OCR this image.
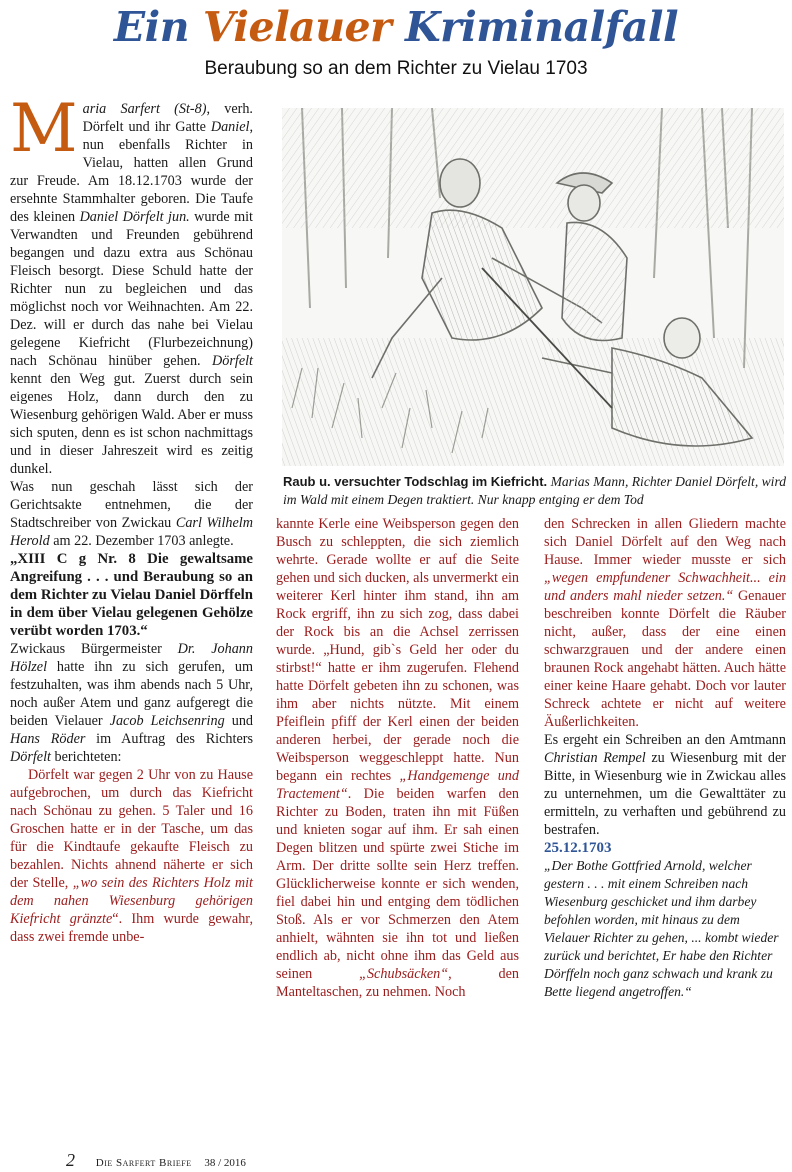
Ein Vielauer Kriminalfall
Beraubung so an dem Richter zu Vielau 1703

Maria Sarfert (St-8), verh. Dörfelt und ihr Gatte Daniel, nun ebenfalls Richter in Vielau, hatten allen Grund zur Freude. Am 18.12.1703 wurde der ersehnte Stammhalter geboren. Die Taufe des kleinen Daniel Dörfelt jun. wurde mit Verwandten und Freunden gebührend begangen und dazu extra aus Schönau Fleisch besorgt. Diese Schuld hatte der Richter nun zu begleichen und das möglichst noch vor Weihnachten. Am 22. Dez. will er durch das nahe bei Vielau gelegene Kiefricht (Flurbezeichnung) nach Schönau hinüber gehen. Dörfelt kennt den Weg gut. Zuerst durch sein eigenes Holz, dann durch den zu Wiesenburg gehörigen Wald. Aber er muss sich sputen, denn es ist schon nachmittags und in dieser Jahreszeit wird es zeitig dunkel.

Was nun geschah lässt sich der Gerichtsakte entnehmen, die der Stadtschreiber von Zwickau Carl Wilhelm Herold am 22. Dezember 1703 anlegte.

„XIII C g Nr. 8 Die gewaltsame Angreifung . . . und Beraubung so an dem Richter zu Vielau Daniel Dörffeln in dem über Vielau gelegenen Gehölze verübt worden 1703.“

Zwickaus Bürgermeister Dr. Johann Hölzel hatte ihn zu sich gerufen, um festzuhalten, was ihm abends nach 5 Uhr, noch außer Atem und ganz aufgeregt die beiden Vielauer Jacob Leichsenring und Hans Röder im Auftrag des Richters Dörfelt berichteten:

Dörfelt war gegen 2 Uhr von zu Hause aufgebrochen, um durch das Kiefricht nach Schönau zu gehen. 5 Taler und 16 Groschen hatte er in der Tasche, um das für die Kindtaufe gekaufte Fleisch zu bezahlen. Nichts ahnend näherte er sich der Stelle, „wo sein des Richters Holz mit dem nahen Wiesenburg gehörigen Kiefricht gränzte“. Ihm wurde gewahr, dass zwei fremde unbe-

Raub u. versuchter Todschlag im Kiefricht. Marias Mann, Richter Daniel Dörfelt, wird im Wald mit einem Degen traktiert. Nur knapp entging er dem Tod

kannte Kerle eine Weibsperson gegen den Busch zu schleppten, die sich ziemlich wehrte. Gerade wollte er auf die Seite gehen und sich ducken, als unvermerkt ein weiterer Kerl hinter ihm stand, ihn am Rock ergriff, ihn zu sich zog, dass dabei der Rock bis an die Achsel zerrissen wurde. „Hund, gib`s Geld her oder du stirbst!“ hatte er ihm zugerufen. Flehend hatte Dörfelt gebeten ihn zu schonen, was ihm aber nichts nützte. Mit einem Pfeiflein pfiff der Kerl einen der beiden anderen herbei, der gerade noch die Weibsperson weggeschleppt hatte. Nun begann ein rechtes „Handgemenge und Tractement“. Die beiden warfen den Richter zu Boden, traten ihn mit Füßen und knieten sogar auf ihm. Er sah einen Degen blitzen und spürte zwei Stiche im Arm. Der dritte sollte sein Herz treffen. Glücklicherweise konnte er sich wenden, fiel dabei hin und entging dem tödlichen Stoß. Als er vor Schmerzen den Atem anhielt, wähnten sie ihn tot und ließen endlich ab, nicht ohne ihm das Geld aus seinen „Schubsäcken“, den Manteltaschen, zu nehmen. Noch

den Schrecken in allen Gliedern machte sich Daniel Dörfelt auf den Weg nach Hause. Immer wieder musste er sich „wegen empfundener Schwachheit... ein und anders mahl nieder setzen.“ Genauer beschreiben konnte Dörfelt die Räuber nicht, außer, dass der eine einen schwarzgrauen und der andere einen braunen Rock angehabt hätten. Auch hätte einer keine Haare gehabt. Doch vor lauter Schreck achtete er nicht auf weitere Äußerlichkeiten.

Es ergeht ein Schreiben an den Amtmann Christian Rempel zu Wiesenburg mit der Bitte, in Wiesenburg wie in Zwickau alles zu unternehmen, um die Gewalttäter zu ermitteln, zu verhaften und gebührend zu bestrafen.

25.12.1703

„Der Bothe Gottfried Arnold, welcher gestern . . . mit einem Schreiben nach Wiesenburg geschicket und ihm darbey befohlen worden, mit hinaus zu dem Vielauer Richter zu gehen, ... kombt wieder zurück und berichtet, Er habe den Richter Dörffeln noch ganz schwach und krank zu Bette liegend angetroffen.“

2 Die Sarfert Briefe 38 / 2016
